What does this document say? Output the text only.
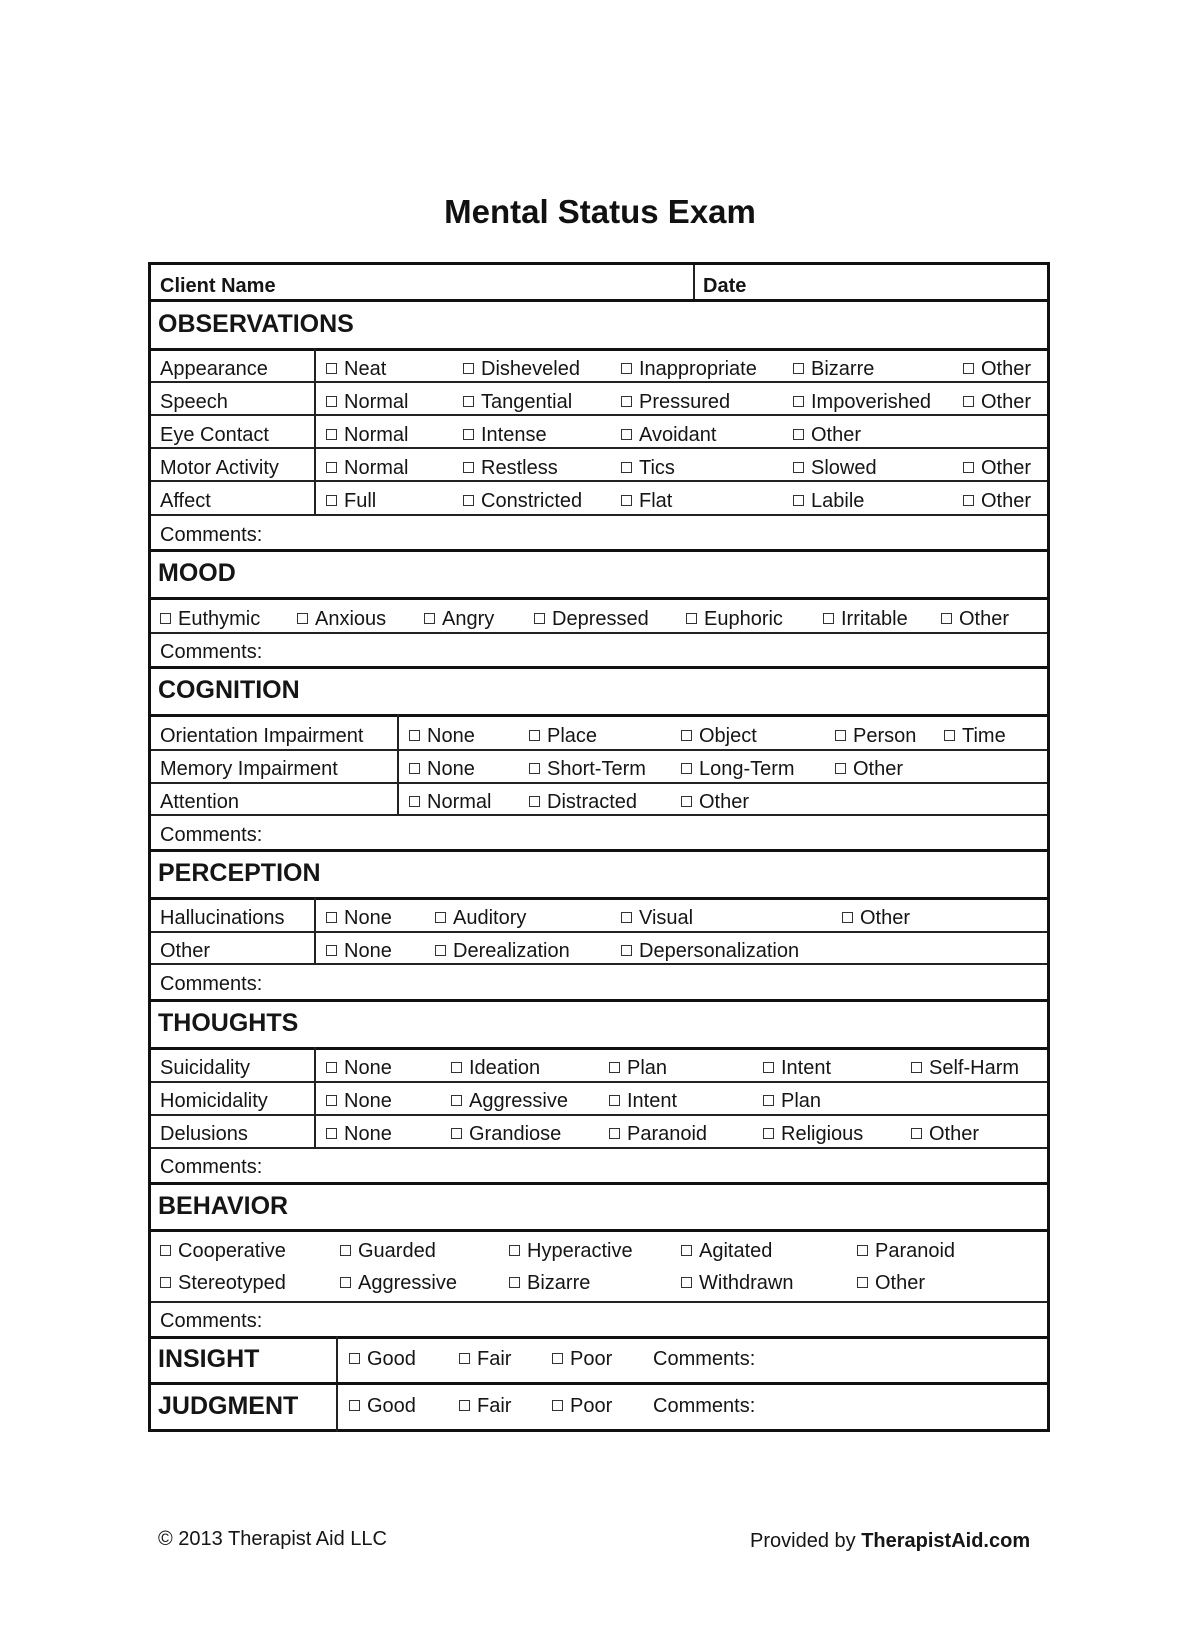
Mental Status Exam
Client Name	Date
OBSERVATIONS
Appearance	Neat	Disheveled	Inappropriate	Bizarre	Other
Speech	Normal	Tangential	Pressured	Impoverished	Other
Eye Contact	Normal	Intense	Avoidant	Other
Motor Activity	Normal	Restless	Tics	Slowed	Other
Affect	Full	Constricted	Flat	Labile	Other
Comments:
MOOD
Euthymic	Anxious	Angry	Depressed	Euphoric	Irritable	Other
Comments:
COGNITION
Orientation Impairment	None	Place	Object	Person	Time
Memory Impairment	None	Short-Term	Long-Term	Other
Attention	Normal	Distracted	Other
Comments:
PERCEPTION
Hallucinations	None	Auditory	Visual	Other
Other	None	Derealization	Depersonalization
Comments:
THOUGHTS
Suicidality	None	Ideation	Plan	Intent	Self-Harm
Homicidality	None	Aggressive	Intent	Plan
Delusions	None	Grandiose	Paranoid	Religious	Other
Comments:
BEHAVIOR
Cooperative	Guarded	Hyperactive	Agitated	Paranoid
Stereotyped	Aggressive	Bizarre	Withdrawn	Other
Comments:
INSIGHT	Good	Fair	Poor Comments:
JUDGMENT	Good	Fair	Poor Comments:
© 2013 Therapist Aid LLC	Provided by TherapistAid.com
